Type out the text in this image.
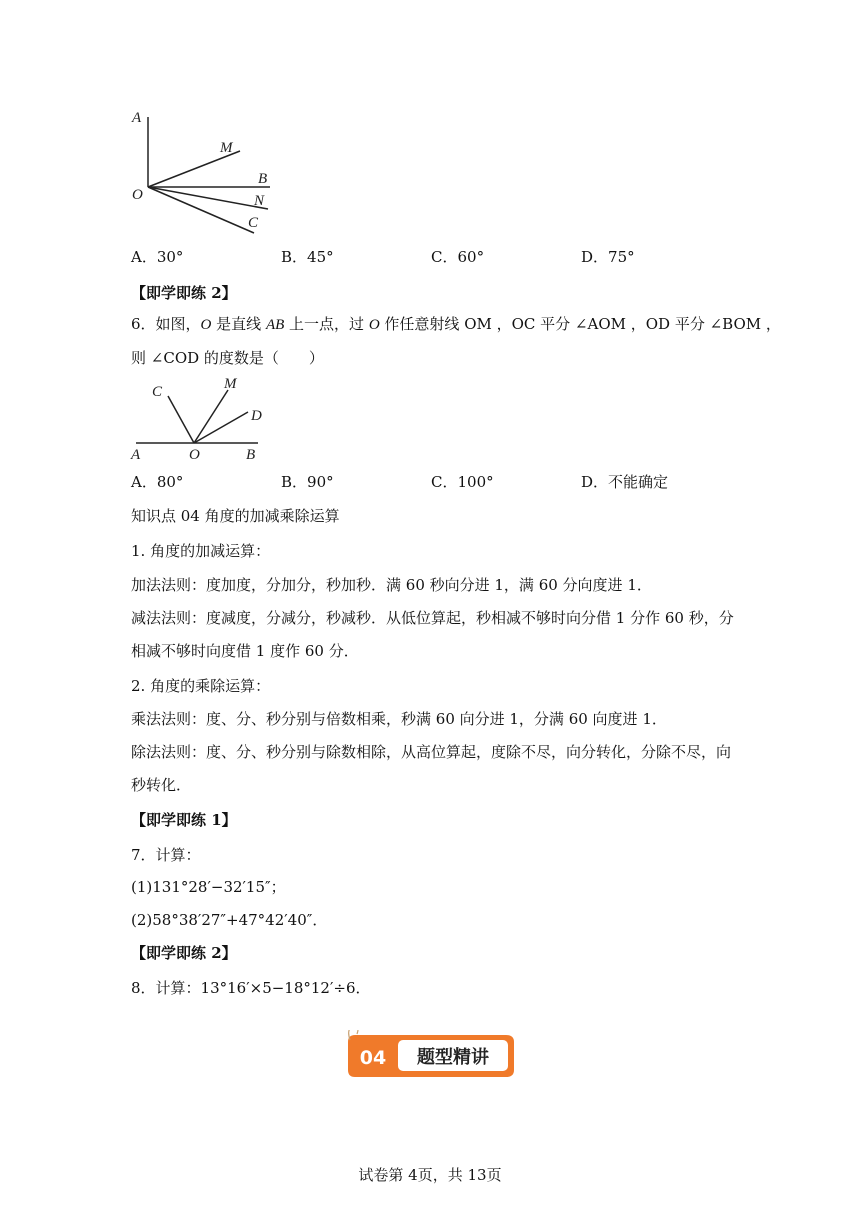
A
M
B
O	N
C
A．30°	B．45°	C．60°	D．75°
【即学即练 2】
6．如图，O 是直线 AB 上一点，过 O 作任意射线 OM ，OC 平分 ∠AOM ，OD 平分 ∠BOM ，
则 ∠COD 的度数是（　　）
C	M
D
A	O	B
A．80°	B．90°	C．100°	D．不能确定
知识点 04 角度的加减乘除运算
1. 角度的加减运算：
加法法则：度加度，分加分，秒加秒．满 60 秒向分进 1，满 60 分向度进 1．
减法法则：度减度，分减分，秒减秒．从低位算起，秒相减不够时向分借 1 分作 60 秒，分
相减不够时向度借 1 度作 60 分．
2. 角度的乘除运算：
乘法法则：度、分、秒分别与倍数相乘，秒满 60 向分进 1，分满 60 向度进 1．
除法法则：度、分、秒分别与除数相除，从高位算起，度除不尽，向分转化，分除不尽，向
秒转化．
【即学即练 1】
7．计算：
(1)131°28′−32′15″；
(2)58°38′27″+47°42′40″．
【即学即练 2】
8．计算：13°16′×5−18°12′÷6．
04 题型精讲
试卷第 4页，共 13页
